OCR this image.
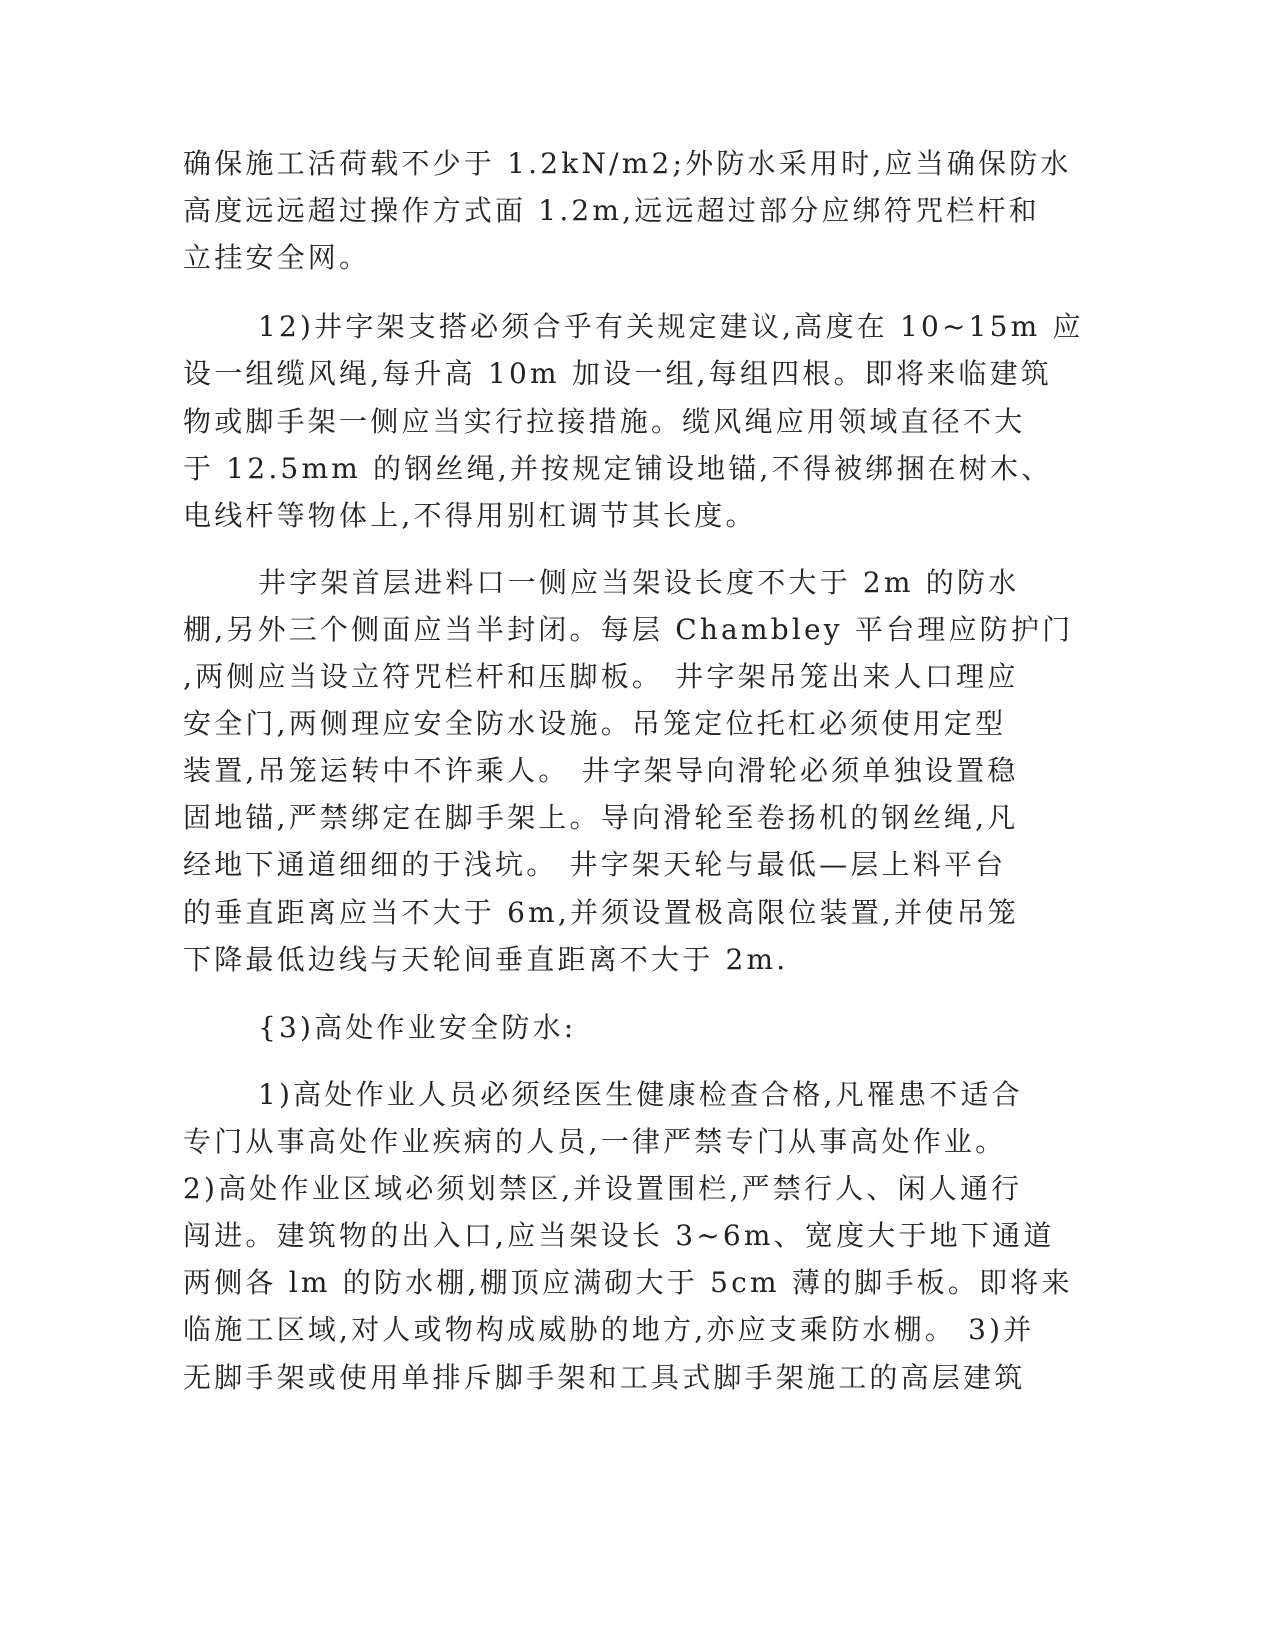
确保施工活荷载不少于 1.2kN/m2;外防水采用时,应当确保防水
高度远远超过操作方式面 1.2m,远远超过部分应绑符咒栏杆和
立挂安全网。
12)井字架支搭必须合乎有关规定建议,高度在 10~15m 应
设一组缆风绳,每升高 10m 加设一组,每组四根。即将来临建筑
物或脚手架一侧应当实行拉接措施。缆风绳应用领域直径不大
于 12.5mm 的钢丝绳,并按规定铺设地锚,不得被绑捆在树木、
电线杆等物体上,不得用别杠调节其长度。
井字架首层进料口一侧应当架设长度不大于 2m 的防水
棚,另外三个侧面应当半封闭。每层 Chambley 平台理应防护门
,两侧应当设立符咒栏杆和压脚板。 井字架吊笼出来人口理应
安全门,两侧理应安全防水设施。吊笼定位托杠必须使用定型
装置,吊笼运转中不许乘人。 井字架导向滑轮必须单独设置稳
固地锚,严禁绑定在脚手架上。导向滑轮至卷扬机的钢丝绳,凡
经地下通道细细的于浅坑。 井字架天轮与最低—层上料平台
的垂直距离应当不大于 6m,并须设置极高限位装置,并使吊笼
下降最低边线与天轮间垂直距离不大于 2m.
{3)高处作业安全防水:
1)高处作业人员必须经医生健康检查合格,凡罹患不适合
专门从事高处作业疾病的人员,一律严禁专门从事高处作业。
2)高处作业区域必须划禁区,并设置围栏,严禁行人、闲人通行
闯进。建筑物的出入口,应当架设长 3~6m、宽度大于地下通道
两侧各 lm 的防水棚,棚顶应满砌大于 5cm 薄的脚手板。即将来
临施工区域,对人或物构成威胁的地方,亦应支乘防水棚。 3)并
无脚手架或使用单排斥脚手架和工具式脚手架施工的高层建筑
